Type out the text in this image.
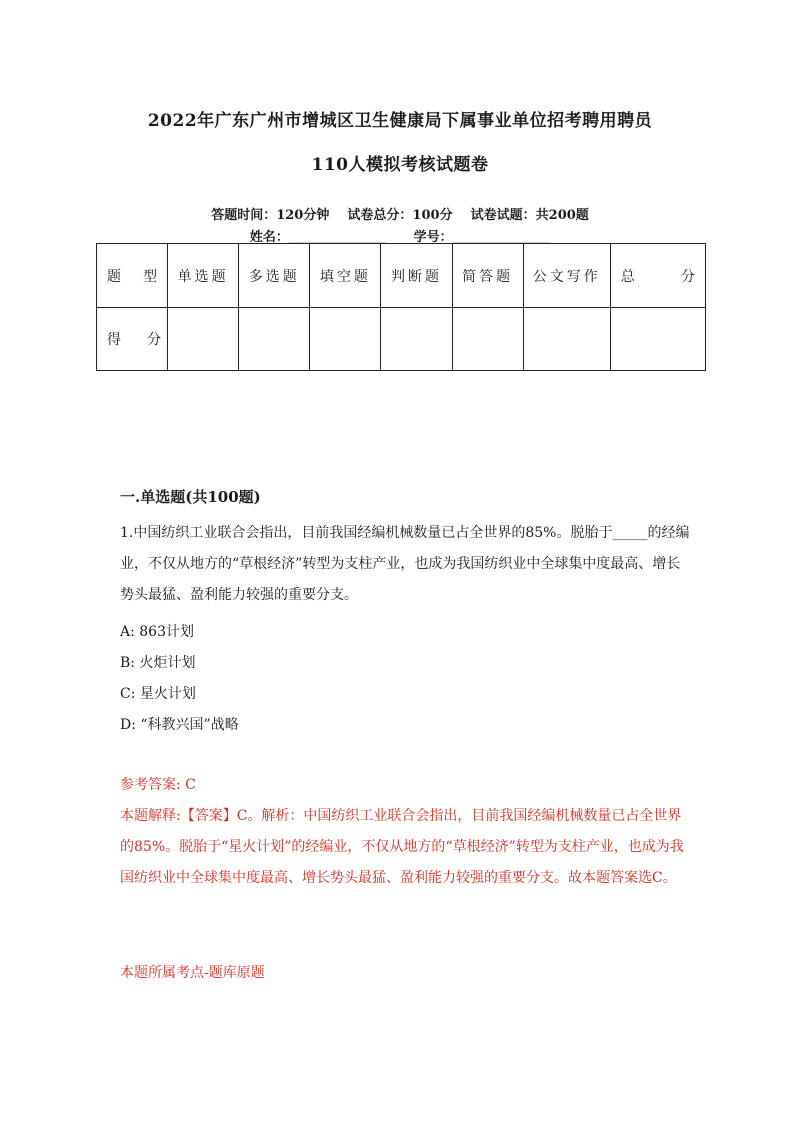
2022年广东广州市增城区卫生健康局下属事业单位招考聘用聘员
110人模拟考核试题卷
答题时间：120分钟    试卷总分：100分    试卷试题：共200题
姓名：_______________      学号：_______________
题 型	单选题	多选题	填空题	判断题	简答题	公文写作	总 分

得 分							

一.单选题(共100题)
1.中国纺织工业联合会指出，目前我国经编机械数量已占全世界的85%。脱胎于_____的经编业，不仅从地方的“草根经济”转型为支柱产业，也成为我国纺织业中全球集中度最高、增长势头最猛、盈利能力较强的重要分支。
A: 863计划
B: 火炬计划
C: 星火计划
D: “科教兴国”战略
参考答案: C
本题解释:【答案】C。解析：中国纺织工业联合会指出，目前我国经编机械数量已占全世界的85%。脱胎于“星火计划”的经编业，不仅从地方的“草根经济”转型为支柱产业，也成为我国纺织业中全球集中度最高、增长势头最猛、盈利能力较强的重要分支。故本题答案选C。
本题所属考点-题库原题
